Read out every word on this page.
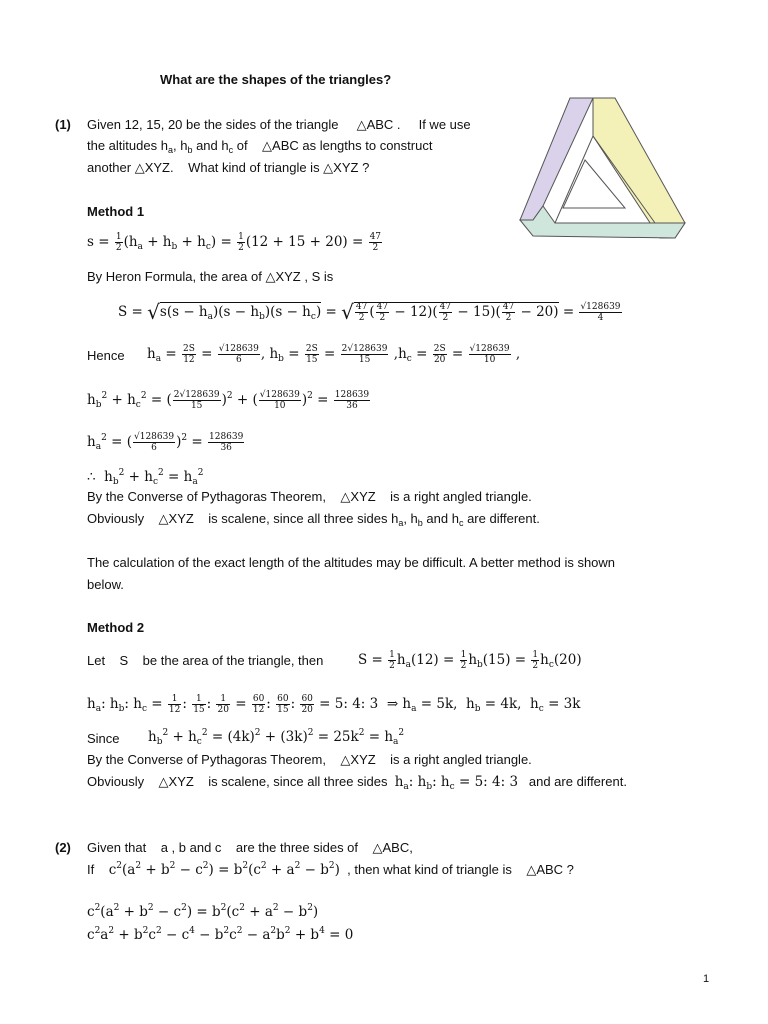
What are the shapes of the triangles?
(1) Given 12, 15, 20 be the sides of the triangle △ABC . If we use
the altitudes $h_a$, $h_b$ and $h_c$ of △ABC as lengths to construct
another △XYZ. What kind of triangle is △XYZ ?
Method 1
$s = \frac{1}{2} (h_a + h_b + h_c) = \frac{1}{2} (12 + 15 + 20) = \frac{47}{2}$
By Heron Formula, the area of △XYZ , S is
$S = √s(s - h_a)(s - h_b)(s - h_c)$ = √ $\frac{47}{2}$ ( $\frac{47}{2} - 12)( \frac{47}{2} - 15)( \frac{47}{2} - 20) = \frac{√128639}{4}$
Hence $h_a = \frac{2S}{12} = \frac{√128639}{6}$ , $h_b = \frac{2S}{15} = \frac{2√128639}{15} ,h_c = \frac{2S}{20} = \frac{√128639}{10}$ ,
$h_b^2 + h_c^2$ = ( $\frac{2√128639}{15} )^2$ + ( $\frac{√128639}{10} )^2 = \frac{128639}{36}$
$h_a^2$ = ( $\frac{√128639}{6} )^2 = \frac{128639}{36}$
∴  $h_b^2 + h_c^2 = h_a^2$
By the Converse of Pythagoras Theorem, △XYZ is a right angled triangle.
Obviously △XYZ is scalene, since all three sides $h_a$, $h_b$ and $h_c$ are different.
The calculation of the exact length of the altitudes may be difficult. A better method is shown
below.
Method 2
Let S be the area of the triangle, then	$S = \frac{1}{2} h_a(12) = \frac{1}{2} h_b(15) = \frac{1}{2} h_c(20)$
$h_a$: $h_b$: $h_c = \frac{1}{12}$ : $\frac{1}{15}$ : $\frac{1}{20} = \frac{60}{12}$ : $\frac{60}{15}$ : $\frac{60}{20} = 5$: 4: 3  ⇒ $h_a = 5k$,  $h_b = 4k$,  $h_c = 3k$
Since $h_b^2 + h_c^2 = (4k)^2 + (3k)^2 = 25k^2 = h_a^2$
By the Converse of Pythagoras Theorem, △XYZ is a right angled triangle.
Obviously △XYZ is scalene, since all three sides $h_a$: $h_b$: $h_c = 5$: 4: 3 and are different.
(2) Given that a , b and c are the three sides of △ABC,
If $c^2(a^2 + b^2 - c^2) = b^2(c^2 + a^2 - b^2)$ , then what kind of triangle is △ABC ?
$c^2(a^2 + b^2 - c^2) = b^2(c^2 + a^2 - b^2)$
$c^2a^2 + b^2c^2 - c^4 - b^2c^2 - a^2b^2 + b^4 = 0$
1
